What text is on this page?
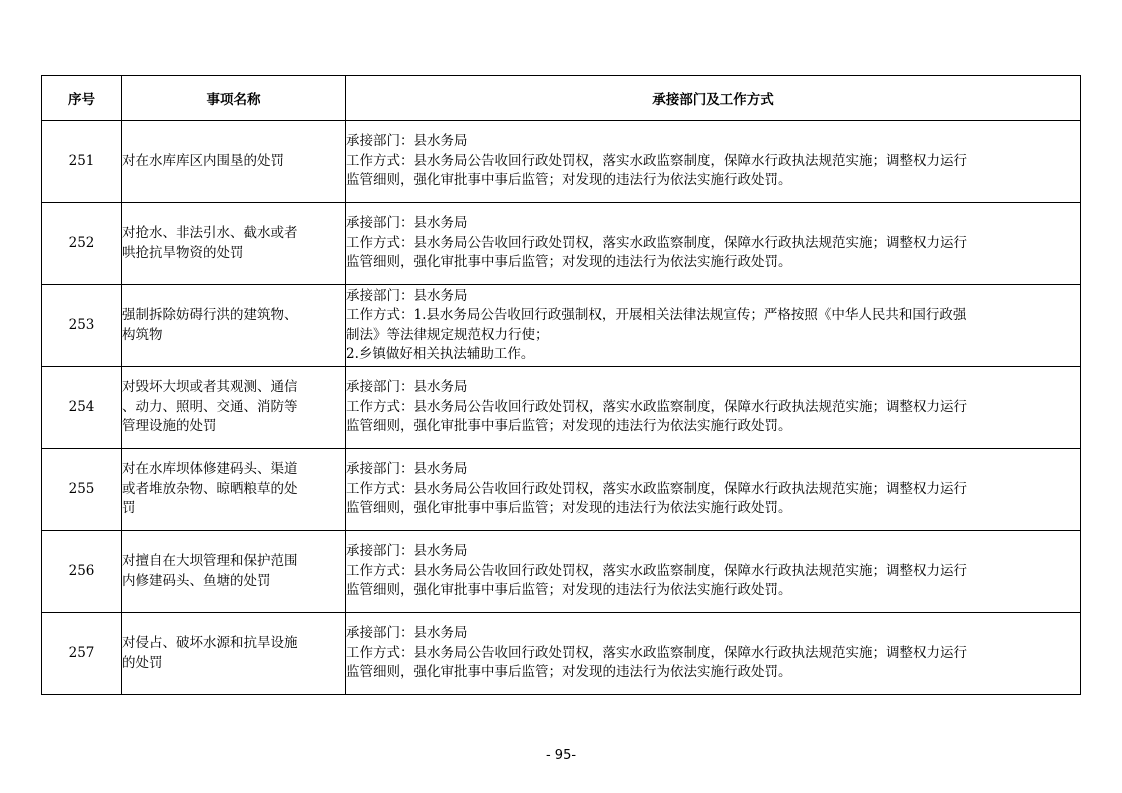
序号	事项名称	承接部门及工作方式
251	对在水库库区内围垦的处罚	承接部门：县水务局
工作方式：县水务局公告收回行政处罚权，落实水政监察制度，保障水行政执法规范实施；调整权力运行
监管细则，强化审批事中事后监管；对发现的违法行为依法实施行政处罚。

252	对抢水、非法引水、截水或者
哄抢抗旱物资的处罚	承接部门：县水务局
工作方式：县水务局公告收回行政处罚权，落实水政监察制度，保障水行政执法规范实施；调整权力运行
监管细则，强化审批事中事后监管；对发现的违法行为依法实施行政处罚。

253	强制拆除妨碍行洪的建筑物、
构筑物	承接部门：县水务局
工作方式：1.县水务局公告收回行政强制权，开展相关法律法规宣传；严格按照《中华人民共和国行政强
制法》等法律规定规范权力行使；
2.乡镇做好相关执法辅助工作。

254	对毁坏大坝或者其观测、通信
、动力、照明、交通、消防等
管理设施的处罚	承接部门：县水务局
工作方式：县水务局公告收回行政处罚权，落实水政监察制度，保障水行政执法规范实施；调整权力运行
监管细则，强化审批事中事后监管；对发现的违法行为依法实施行政处罚。

255	对在水库坝体修建码头、渠道
或者堆放杂物、晾晒粮草的处
罚	承接部门：县水务局
工作方式：县水务局公告收回行政处罚权，落实水政监察制度，保障水行政执法规范实施；调整权力运行
监管细则，强化审批事中事后监管；对发现的违法行为依法实施行政处罚。

256	对擅自在大坝管理和保护范围
内修建码头、鱼塘的处罚	承接部门：县水务局
工作方式：县水务局公告收回行政处罚权，落实水政监察制度，保障水行政执法规范实施；调整权力运行
监管细则，强化审批事中事后监管；对发现的违法行为依法实施行政处罚。

257	对侵占、破坏水源和抗旱设施
的处罚	承接部门：县水务局
工作方式：县水务局公告收回行政处罚权，落实水政监察制度，保障水行政执法规范实施；调整权力运行
监管细则，强化审批事中事后监管；对发现的违法行为依法实施行政处罚。
- 95-
